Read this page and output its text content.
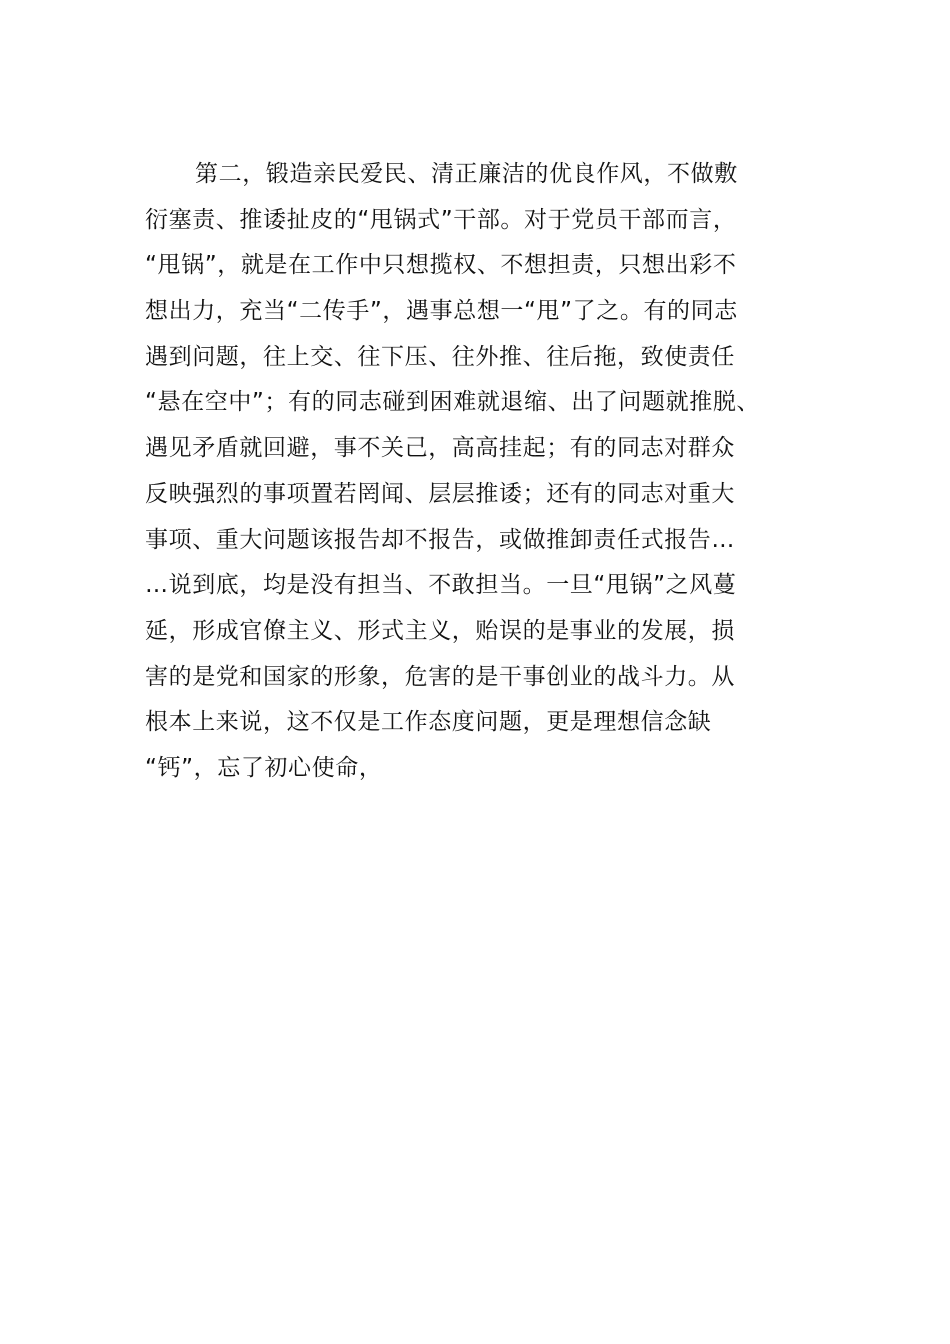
第二，锻造亲民爱民、清正廉洁的优良作风，不做敷
衍塞责、推诿扯皮的“甩锅式”干部。对于党员干部而言，
“甩锅”，就是在工作中只想揽权、不想担责，只想出彩不
想出力，充当“二传手”，遇事总想一“甩”了之。有的同志
遇到问题，往上交、往下压、往外推、往后拖，致使责任
“悬在空中”；有的同志碰到困难就退缩、出了问题就推脱、
遇见矛盾就回避，事不关己，高高挂起；有的同志对群众
反映强烈的事项置若罔闻、层层推诿；还有的同志对重大
事项、重大问题该报告却不报告，或做推卸责任式报告…
…说到底，均是没有担当、不敢担当。一旦“甩锅”之风蔓
延，形成官僚主义、形式主义，贻误的是事业的发展，损
害的是党和国家的形象，危害的是干事创业的战斗力。从
根本上来说，这不仅是工作态度问题，更是理想信念缺
“钙”，忘了初心使命，
